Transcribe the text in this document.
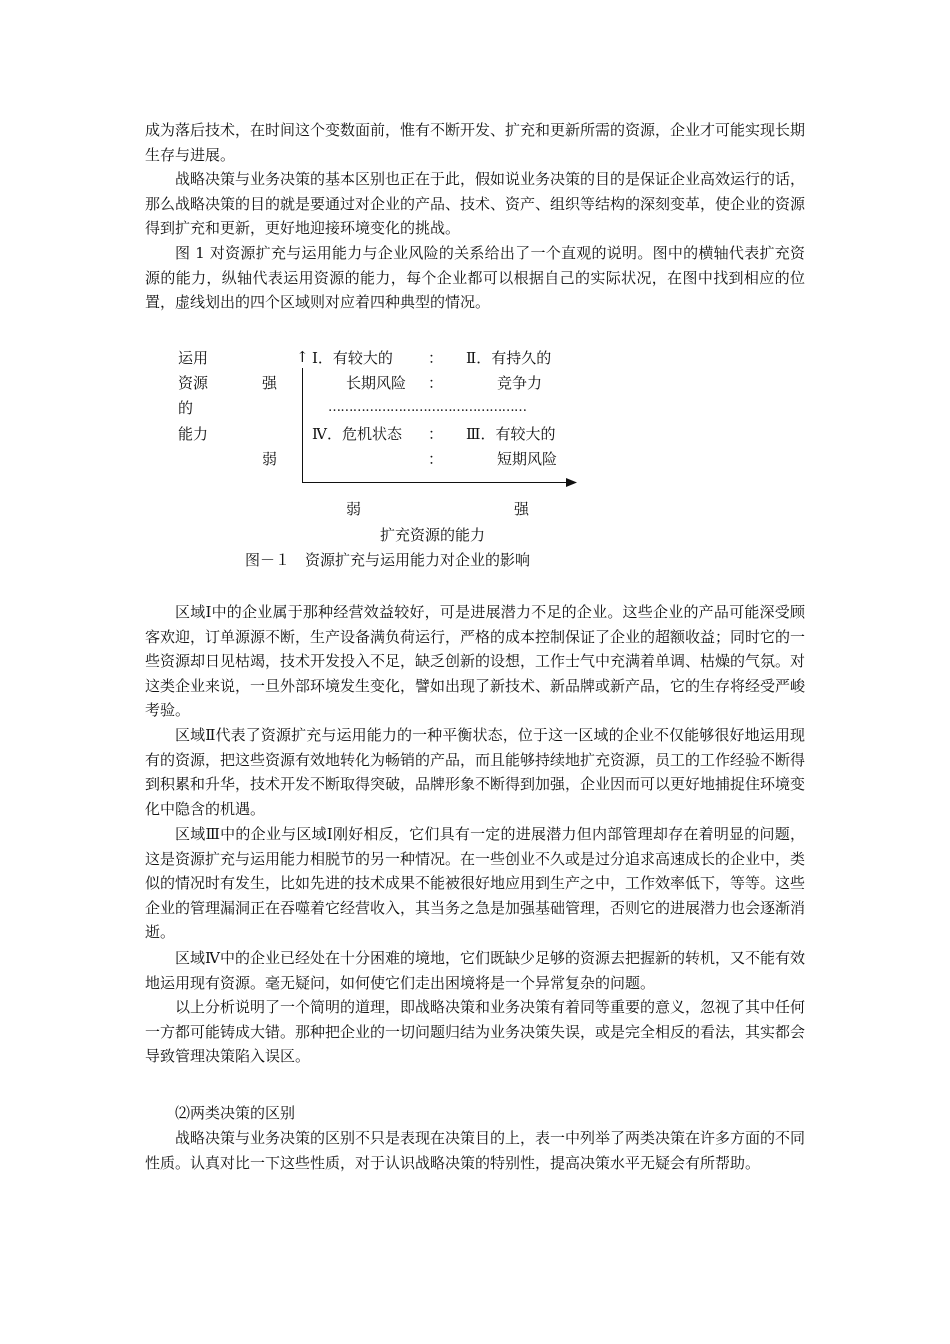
成为落后技术，在时间这个变数面前，惟有不断开发、扩充和更新所需的资源，企业才可能实现长期生存与进展。

战略决策与业务决策的基本区别也正在于此，假如说业务决策的目的是保证企业高效运行的话，那么战略决策的目的就是要通过对企业的产品、技术、资产、组织等结构的深刻变革，使企业的资源得到扩充和更新，更好地迎接环境变化的挑战。

图 1 对资源扩充与运用能力与企业风险的关系给出了一个直观的说明。图中的横轴代表扩充资源的能力，纵轴代表运用资源的能力，每个企业都可以根据自己的实际状况，在图中找到相应的位置，虚线划出的四个区域则对应着四种典型的情况。

运用
资源
的
能力
强
弱
↑ Ⅰ．有较大的
长期风险
：
：
Ⅱ．有持久的
竞争力
…………………………………………
Ⅳ．危机状态 ：
：
Ⅲ．有较大的
短期风险
弱	强
扩充资源的能力
图－１　资源扩充与运用能力对企业的影响

区域Ⅰ中的企业属于那种经营效益较好，可是进展潜力不足的企业。这些企业的产品可能深受顾客欢迎，订单源源不断，生产设备满负荷运行，严格的成本控制保证了企业的超额收益；同时它的一些资源却日见枯竭，技术开发投入不足，缺乏创新的设想，工作士气中充满着单调、枯燥的气氛。对这类企业来说，一旦外部环境发生变化，譬如出现了新技术、新品牌或新产品，它的生存将经受严峻考验。

区域Ⅱ代表了资源扩充与运用能力的一种平衡状态，位于这一区域的企业不仅能够很好地运用现有的资源，把这些资源有效地转化为畅销的产品，而且能够持续地扩充资源，员工的工作经验不断得到积累和升华，技术开发不断取得突破，品牌形象不断得到加强，企业因而可以更好地捕捉住环境变化中隐含的机遇。

区域Ⅲ中的企业与区域Ⅰ刚好相反，它们具有一定的进展潜力但内部管理却存在着明显的问题，这是资源扩充与运用能力相脱节的另一种情况。在一些创业不久或是过分追求高速成长的企业中，类似的情况时有发生，比如先进的技术成果不能被很好地应用到生产之中，工作效率低下，等等。这些企业的管理漏洞正在吞噬着它经营收入，其当务之急是加强基础管理，否则它的进展潜力也会逐渐消逝。

区域Ⅳ中的企业已经处在十分困难的境地，它们既缺少足够的资源去把握新的转机，又不能有效地运用现有资源。毫无疑问，如何使它们走出困境将是一个异常复杂的问题。

以上分析说明了一个简明的道理，即战略决策和业务决策有着同等重要的意义，忽视了其中任何一方都可能铸成大错。那种把企业的一切问题归结为业务决策失误，或是完全相反的看法，其实都会导致管理决策陷入误区。

⑵两类决策的区别

战略决策与业务决策的区别不只是表现在决策目的上，表一中列举了两类决策在许多方面的不同性质。认真对比一下这些性质，对于认识战略决策的特别性，提高决策水平无疑会有所帮助。
